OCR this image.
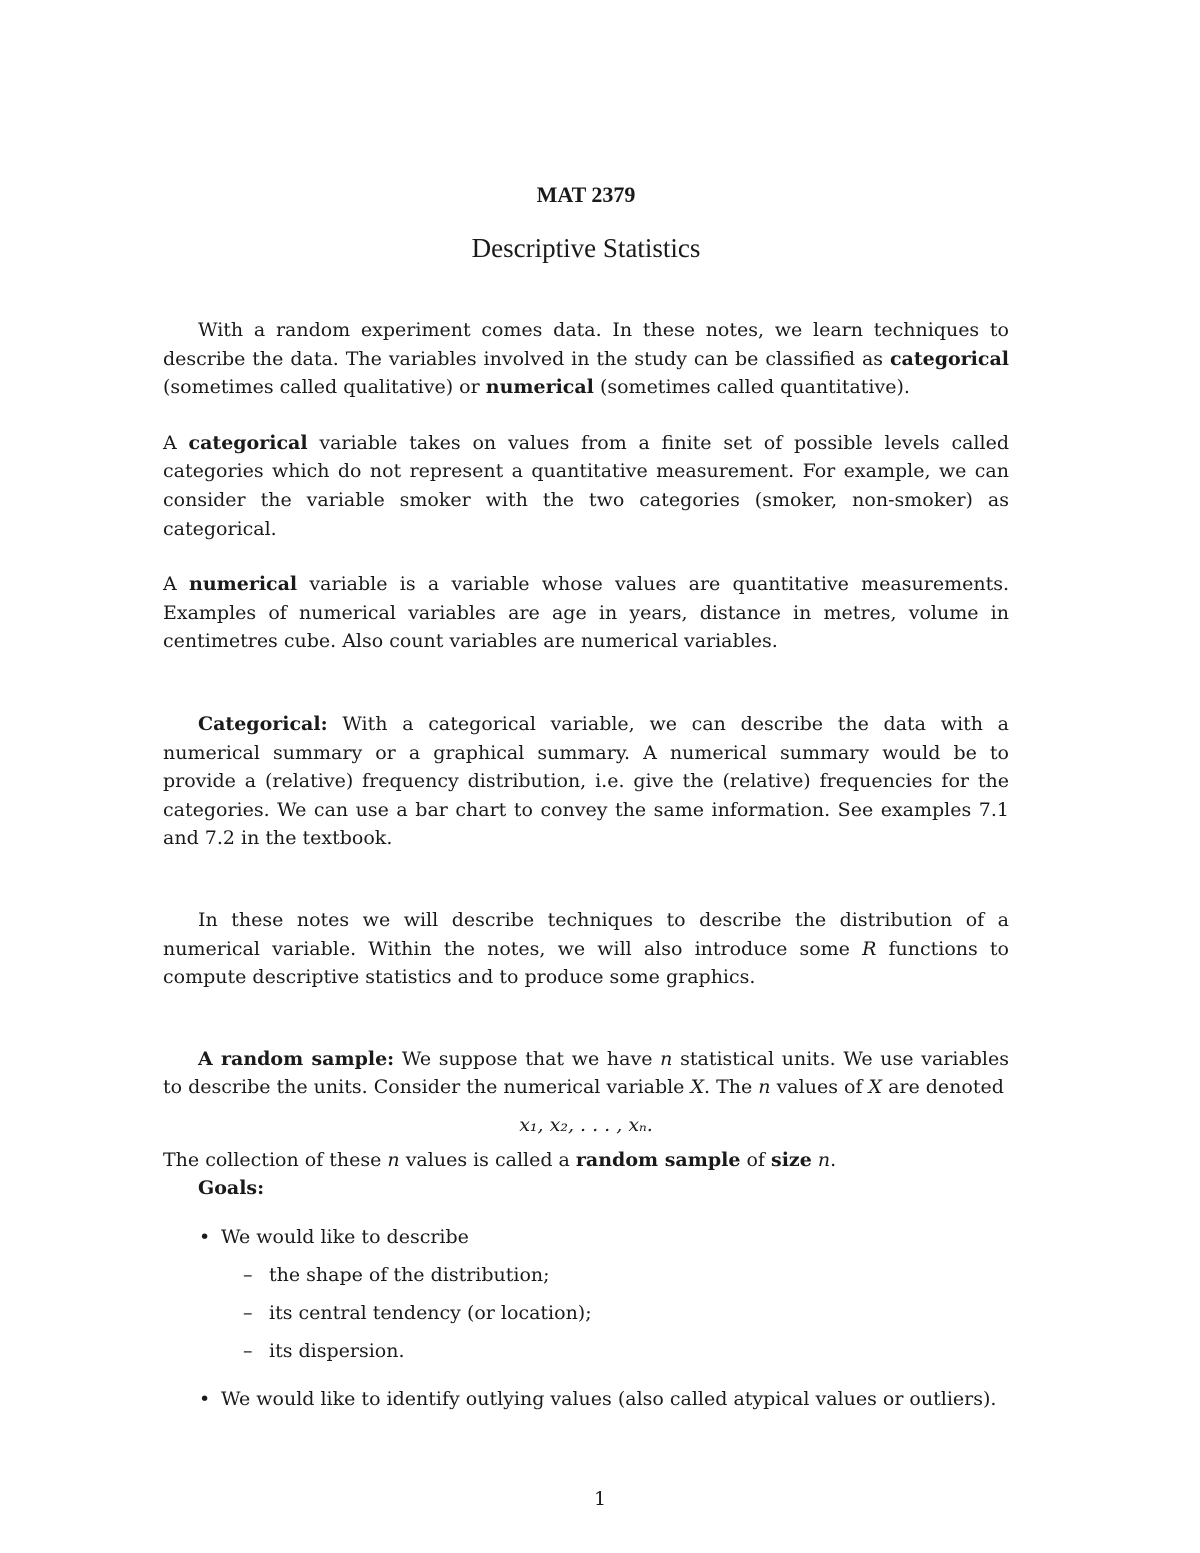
MAT 2379
Descriptive Statistics

With a random experiment comes data. In these notes, we learn techniques to describe the data. The variables involved in the study can be classified as categorical (sometimes called qualitative) or numerical (sometimes called quantitative).

A categorical variable takes on values from a finite set of possible levels called categories which do not represent a quantitative measurement. For example, we can consider the variable smoker with the two categories (smoker, non-smoker) as categorical.

A numerical variable is a variable whose values are quantitative measurements. Examples of numerical variables are age in years, distance in metres, volume in centimetres cube. Also count variables are numerical variables.

Categorical: With a categorical variable, we can describe the data with a numerical summary or a graphical summary. A numerical summary would be to provide a (relative) frequency distribution, i.e. give the (relative) frequencies for the categories. We can use a bar chart to convey the same information. See examples 7.1 and 7.2 in the textbook.

In these notes we will describe techniques to describe the distribution of a numerical variable. Within the notes, we will also introduce some R functions to compute descriptive statistics and to produce some graphics.

A random sample: We suppose that we have n statistical units. We use variables to describe the units. Consider the numerical variable X. The n values of X are denoted

x₁, x₂, . . . , xₙ.

The collection of these n values is called a random sample of size n.

Goals:

• We would like to describe
– the shape of the distribution;
– its central tendency (or location);
– its dispersion.
• We would like to identify outlying values (also called atypical values or outliers).
1
